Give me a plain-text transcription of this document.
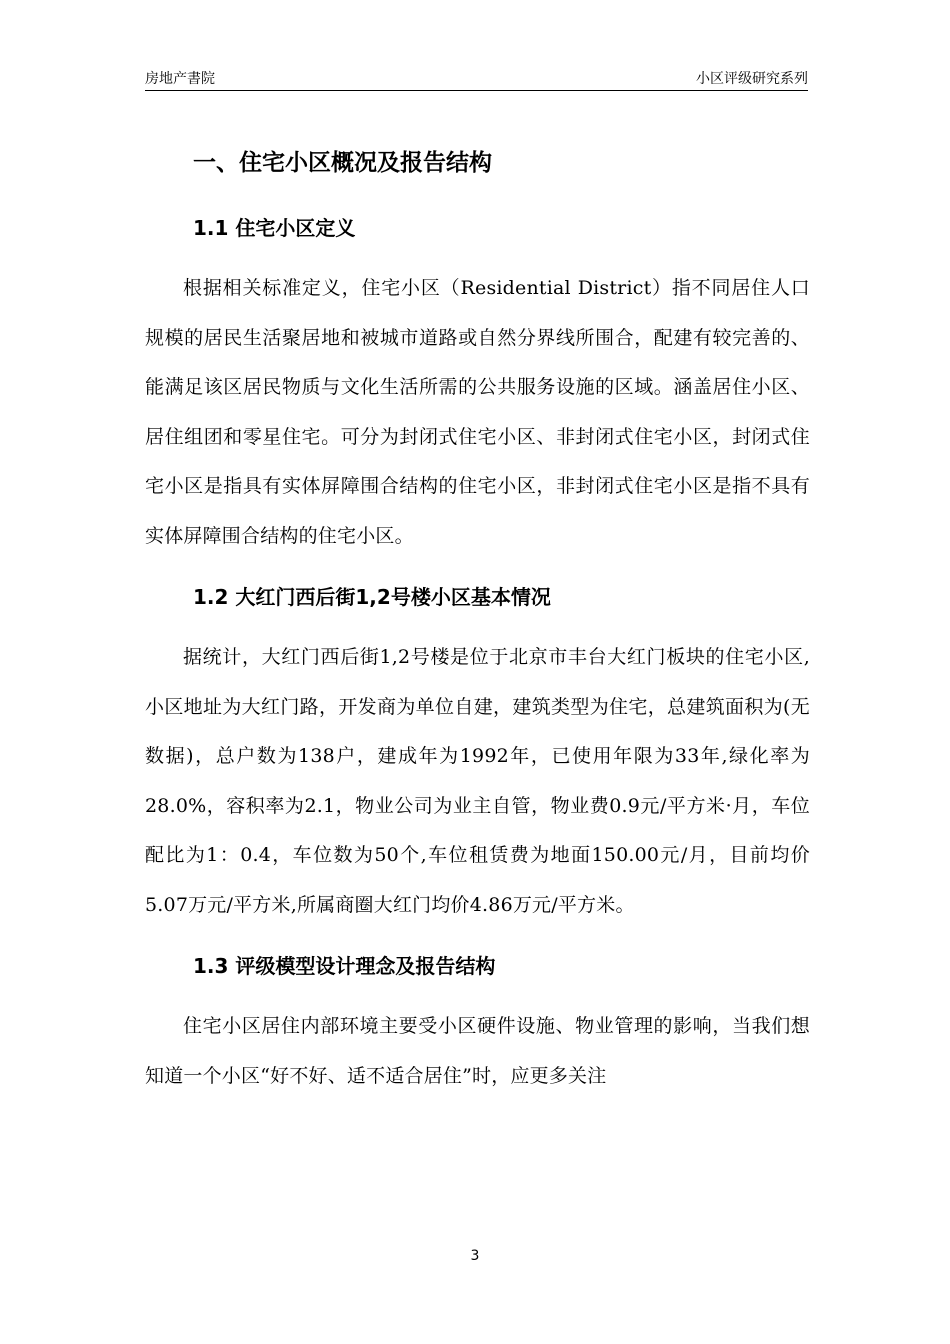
房地产書院	小区评级研究系列
一、住宅小区概况及报告结构
1.1 住宅小区定义

根据相关标准定义，住宅小区（Residential District）指不同居住人口规模的居民生活聚居地和被城市道路或自然分界线所围合，配建有较完善的、能满足该区居民物质与文化生活所需的公共服务设施的区域。涵盖居住小区、居住组团和零星住宅。可分为封闭式住宅小区、非封闭式住宅小区，封闭式住宅小区是指具有实体屏障围合结构的住宅小区，非封闭式住宅小区是指不具有实体屏障围合结构的住宅小区。

1.2 大红门西后街1,2号楼小区基本情况

据统计，大红门西后街1,2号楼是位于北京市丰台大红门板块的住宅小区,小区地址为大红门路，开发商为单位自建，建筑类型为住宅，总建筑面积为(无数据)，总户数为138户，建成年为1992年，已使用年限为33年,绿化率为28.0%，容积率为2.1，物业公司为业主自管，物业费0.9元/平方米·月，车位配比为1：0.4，车位数为50个,车位租赁费为地面150.00元/月，目前均价5.07万元/平方米,所属商圈大红门均价4.86万元/平方米。

1.3 评级模型设计理念及报告结构

住宅小区居住内部环境主要受小区硬件设施、物业管理的影响，当我们想知道一个小区“好不好、适不适合居住”时，应更多关注

3
